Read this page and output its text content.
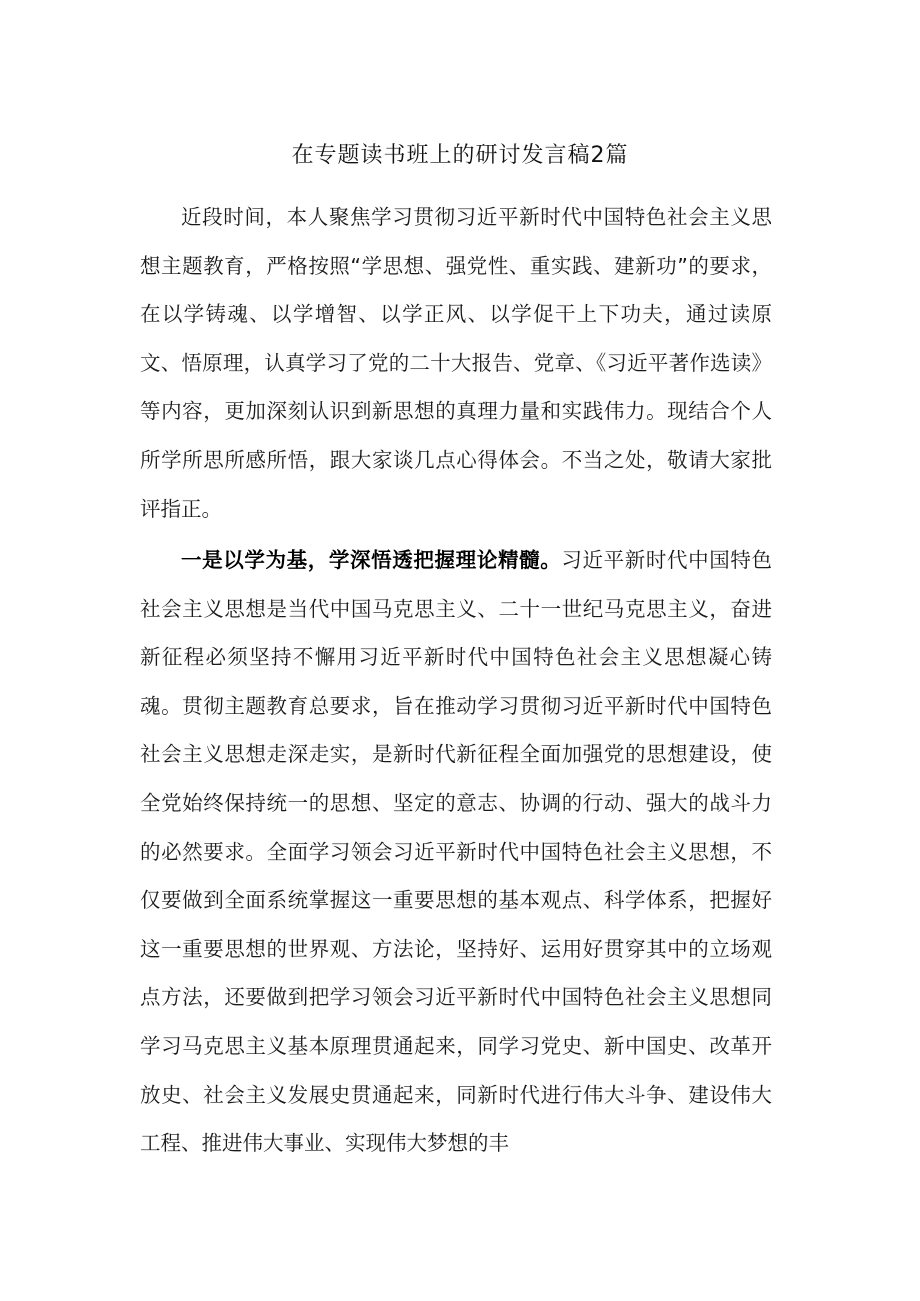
在专题读书班上的研讨发言稿2篇

近段时间，本人聚焦学习贯彻习近平新时代中国特色社会主义思想主题教育，严格按照“学思想、强党性、重实践、建新功”的要求，在以学铸魂、以学增智、以学正风、以学促干上下功夫，通过读原文、悟原理，认真学习了党的二十大报告、党章、《习近平著作选读》等内容，更加深刻认识到新思想的真理力量和实践伟力。现结合个人所学所思所感所悟，跟大家谈几点心得体会。不当之处，敬请大家批评指正。

一是以学为基，学深悟透把握理论精髓。习近平新时代中国特色社会主义思想是当代中国马克思主义、二十一世纪马克思主义，奋进新征程必须坚持不懈用习近平新时代中国特色社会主义思想凝心铸魂。贯彻主题教育总要求，旨在推动学习贯彻习近平新时代中国特色社会主义思想走深走实，是新时代新征程全面加强党的思想建设，使全党始终保持统一的思想、坚定的意志、协调的行动、强大的战斗力的必然要求。全面学习领会习近平新时代中国特色社会主义思想，不仅要做到全面系统掌握这一重要思想的基本观点、科学体系，把握好这一重要思想的世界观、方法论，坚持好、运用好贯穿其中的立场观点方法，还要做到把学习领会习近平新时代中国特色社会主义思想同学习马克思主义基本原理贯通起来，同学习党史、新中国史、改革开放史、社会主义发展史贯通起来，同新时代进行伟大斗争、建设伟大工程、推进伟大事业、实现伟大梦想的丰
